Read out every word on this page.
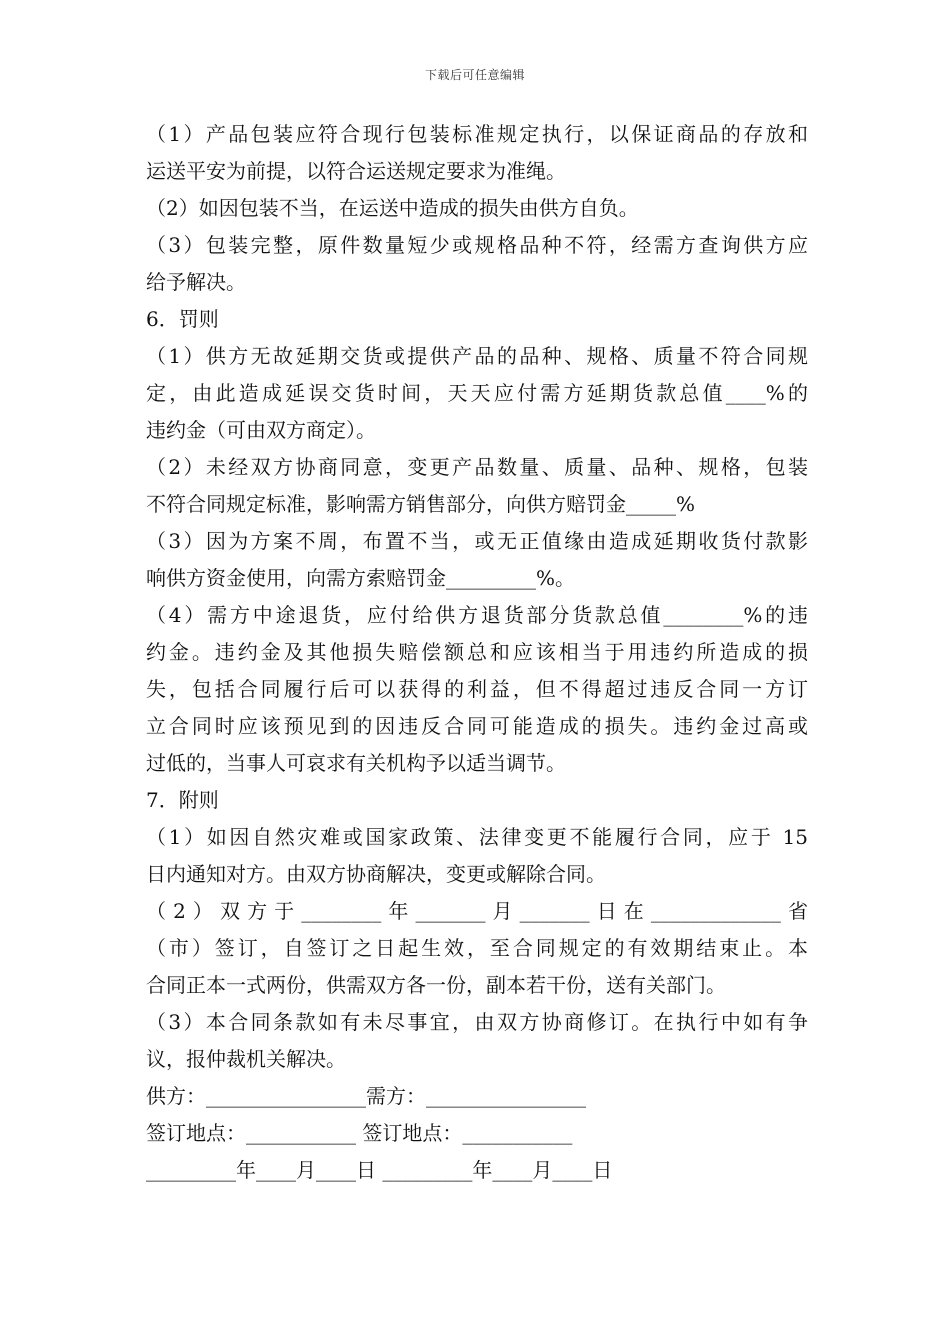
下载后可任意编辑
（1）产品包装应符合现行包装标准规定执行，以保证商品的存放和
运送平安为前提，以符合运送规定要求为准绳。
（2）如因包装不当，在运送中造成的损失由供方自负。
（3）包装完整，原件数量短少或规格品种不符，经需方查询供方应
给予解决。
6．罚则
（1）供方无故延期交货或提供产品的品种、规格、质量不符合同规
定，由此造成延误交货时间，天天应付需方延期货款总值____%的
违约金（可由双方商定）。
（2）未经双方协商同意，变更产品数量、质量、品种、规格，包装
不符合同规定标准，影响需方销售部分，向供方赔罚金_____%
（3）因为方案不周，布置不当，或无正值缘由造成延期收货付款影
响供方资金使用，向需方索赔罚金_________%。
（4）需方中途退货，应付给供方退货部分货款总值________%的违
约金。违约金及其他损失赔偿额总和应该相当于用违约所造成的损
失，包括合同履行后可以获得的利益，但不得超过违反合同一方订
立合同时应该预见到的因违反合同可能造成的损失。违约金过高或
过低的，当事人可哀求有关机构予以适当调节。
7．附则
（1）如因自然灾难或国家政策、法律变更不能履行合同，应于 15
日内通知对方。由双方协商解决，变更或解除合同。
（2）双方于________年_______月_______日在_____________省
（市）签订，自签订之日起生效，至合同规定的有效期结束止。本
合同正本一式两份，供需双方各一份，副本若干份，送有关部门。
（3）本合同条款如有未尽事宜，由双方协商修订。在执行中如有争
议，报仲裁机关解决。
供方：________________需方：________________
签订地点：___________ 签订地点：___________
_________年____月____日 _________年____月____日
